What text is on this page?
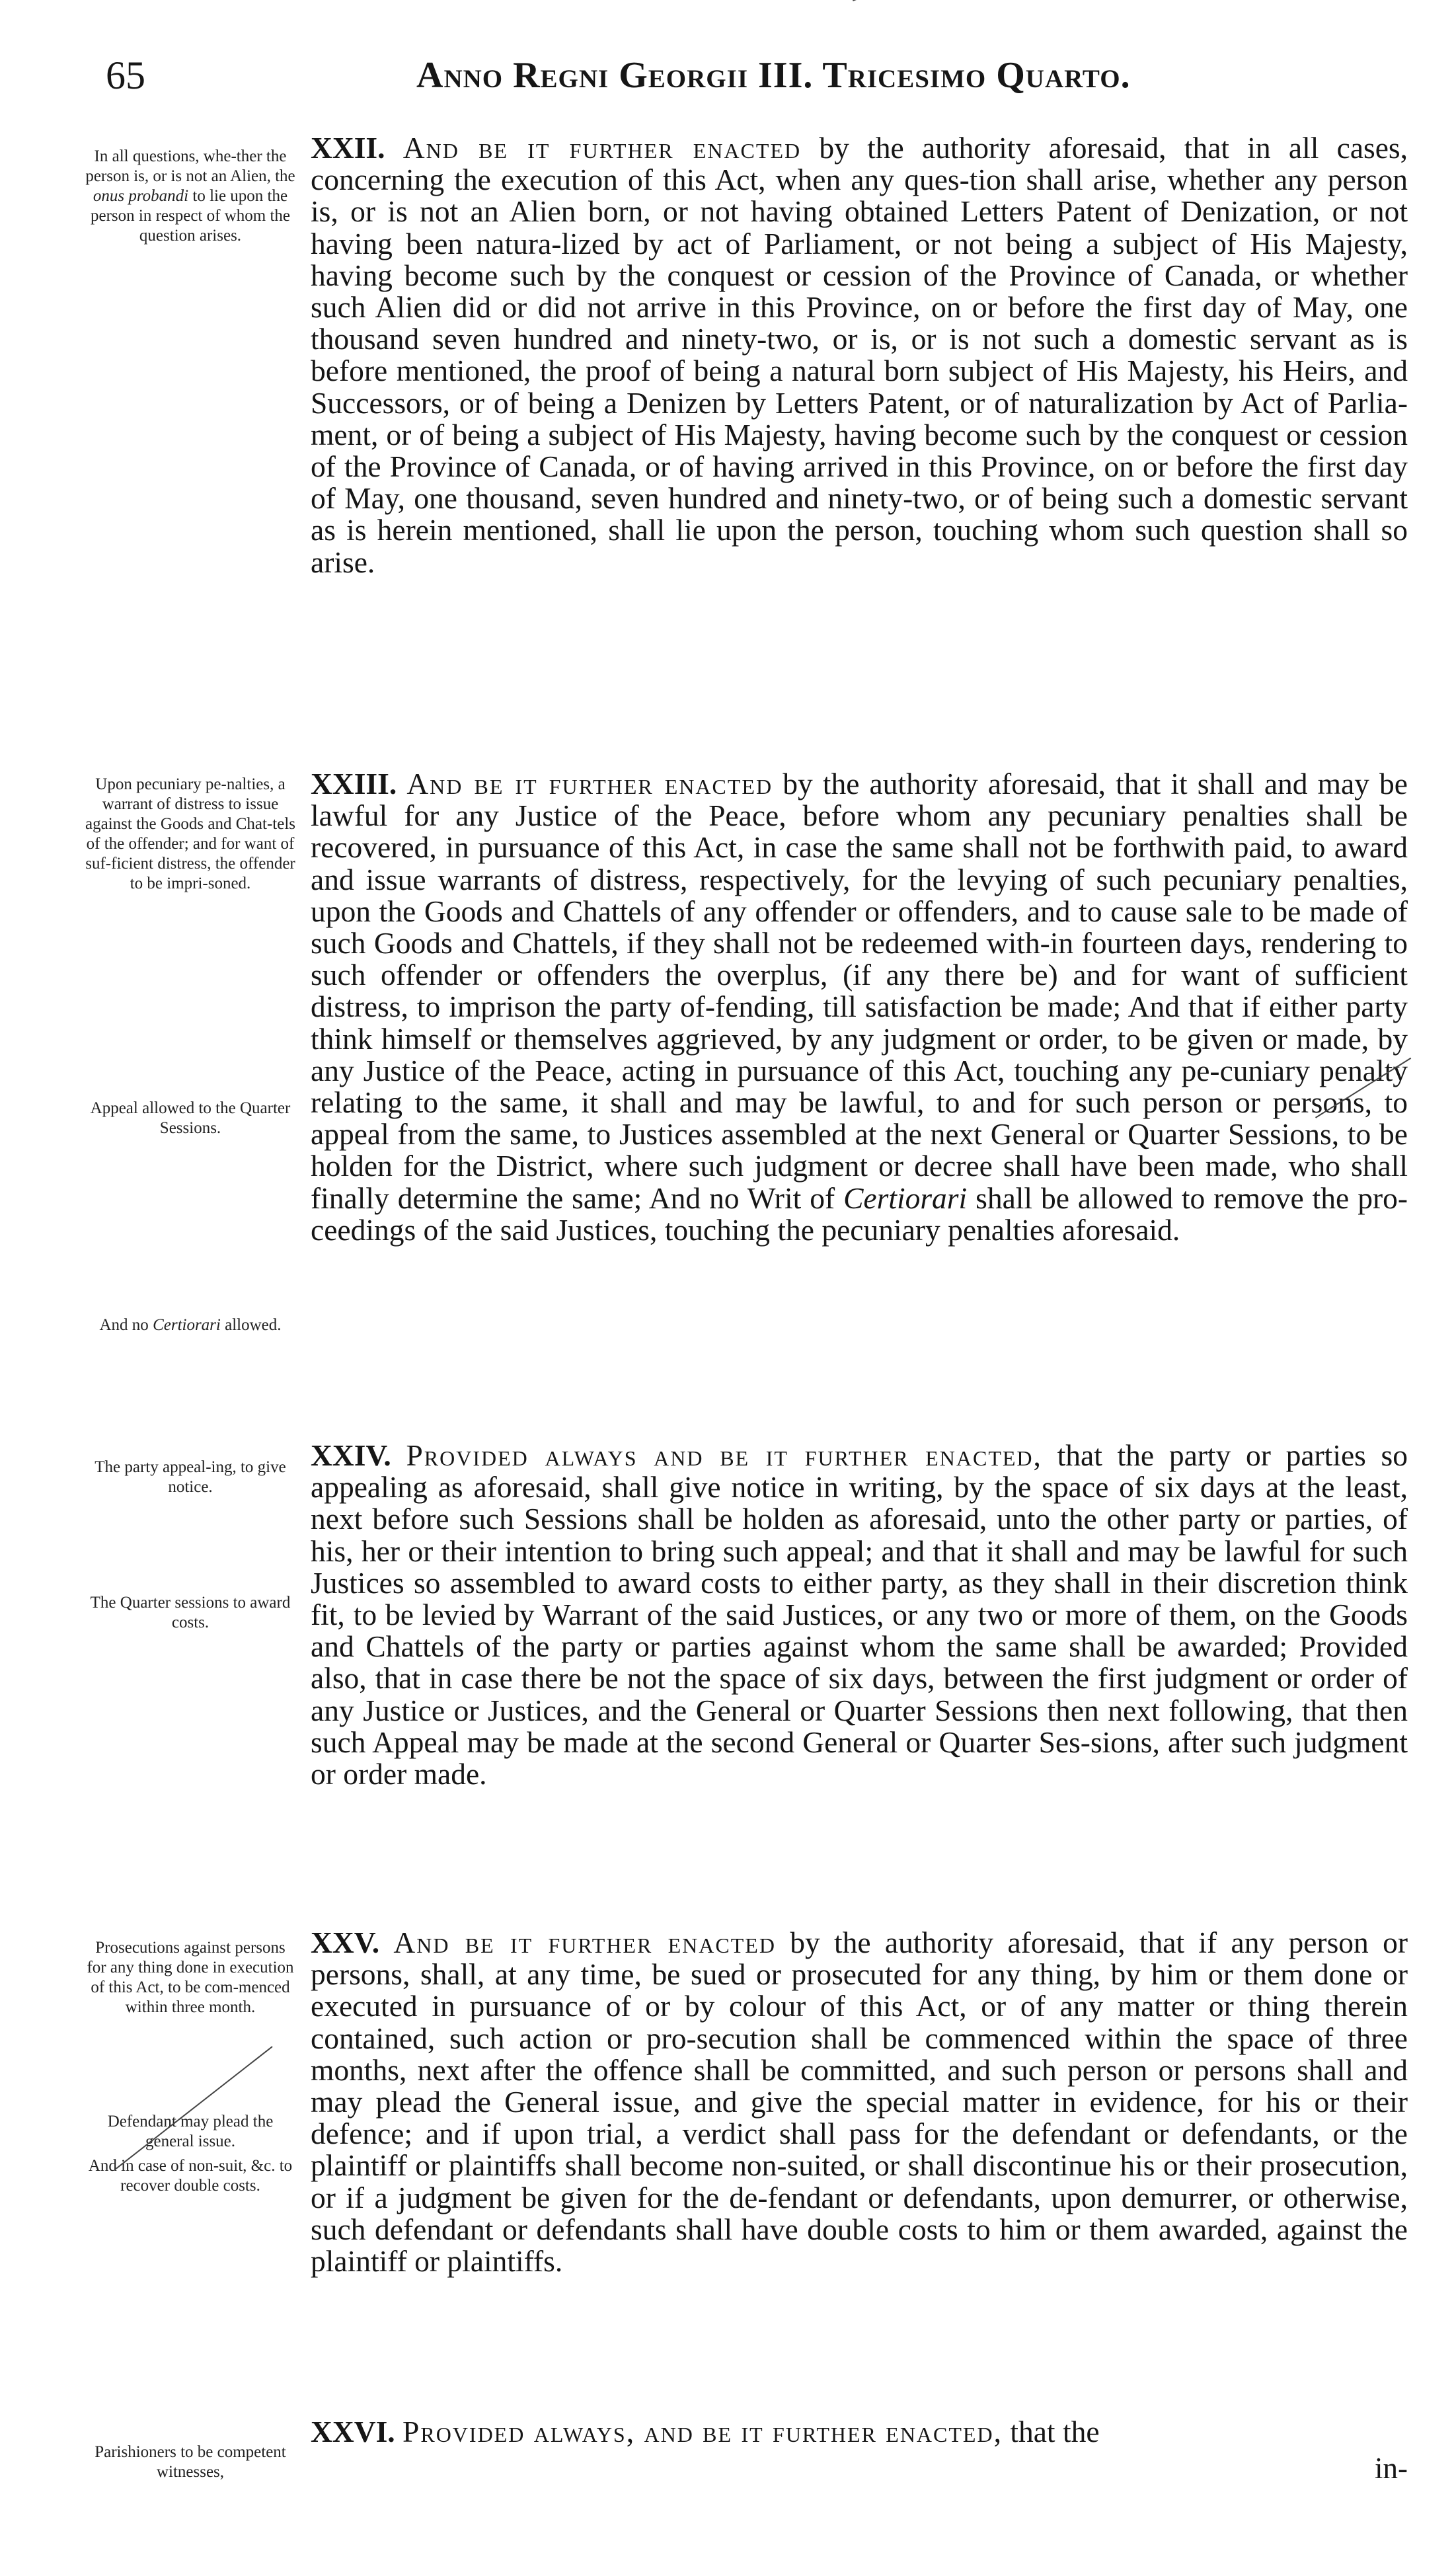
65	Anno Regni Georgii III. Tricesimo Quarto.
In all questions, whe-ther the person is, or is not an Alien, the onus probandi to lie upon the person in respect of whom the question arises.
Upon pecuniary pe-nalties, a warrant of distress to issue against the Goods and Chat-tels of the offender; and for want of suf-ficient distress, the offender to be impri-soned.
Appeal allowed to the Quarter Sessions.
And no Certiorari allowed.
The party appeal-ing, to give notice.
The Quarter sessions to award costs.
Prosecutions against persons for any thing done in execution of this Act, to be com-menced within three month.
Defendant may plead the general issue.
And in case of non-suit, &c. to recover double costs.
Parishioners to be competent witnesses,

XXII. And be it further enacted by the authority aforesaid, that in all cases, concerning the execution of this Act, when any ques-tion shall arise, whether any person is, or is not an Alien born, or not having obtained Letters Patent of Denization, or not having been natura-lized by act of Parliament, or not being a subject of His Majesty, having become such by the conquest or cession of the Province of Canada, or whether such Alien did or did not arrive in this Province, on or before the first day of May, one thousand seven hundred and ninety-two, or is, or is not such a domestic servant as is before mentioned, the proof of being a natural born subject of His Majesty, his Heirs, and Successors, or of being a Denizen by Letters Patent, or of naturalization by Act of Parlia-ment, or of being a subject of His Majesty, having become such by the conquest or cession of the Province of Canada, or of having arrived in this Province, on or before the first day of May, one thousand, seven hundred and ninety-two, or of being such a domestic servant as is herein mentioned, shall lie upon the person, touching whom such question shall so arise.

XXIII. And be it further enacted by the authority aforesaid, that it shall and may be lawful for any Justice of the Peace, before whom any pecuniary penalties shall be recovered, in pursuance of this Act, in case the same shall not be forthwith paid, to award and issue warrants of distress, respectively, for the levying of such pecuniary penalties, upon the Goods and Chattels of any offender or offenders, and to cause sale to be made of such Goods and Chattels, if they shall not be redeemed with-in fourteen days, rendering to such offender or offenders the overplus, (if any there be) and for want of sufficient distress, to imprison the party of-fending, till satisfaction be made; And that if either party think himself or themselves aggrieved, by any judgment or order, to be given or made, by any Justice of the Peace, acting in pursuance of this Act, touching any pe-cuniary penalty relating to the same, it shall and may be lawful, to and for such person or persons, to appeal from the same, to Justices assembled at the next General or Quarter Sessions, to be holden for the District, where such judgment or decree shall have been made, who shall finally determine the same; And no Writ of Certiorari shall be allowed to remove the pro-ceedings of the said Justices, touching the pecuniary penalties aforesaid.

XXIV. Provided always and be it further enacted, that the party or parties so appealing as aforesaid, shall give notice in writing, by the space of six days at the least, next before such Sessions shall be holden as aforesaid, unto the other party or parties, of his, her or their intention to bring such appeal; and that it shall and may be lawful for such Justices so assembled to award costs to either party, as they shall in their discretion think fit, to be levied by Warrant of the said Justices, or any two or more of them, on the Goods and Chattels of the party or parties against whom the same shall be awarded; Provided also, that in case there be not the space of six days, between the first judgment or order of any Justice or Justices, and the General or Quarter Sessions then next following, that then such Appeal may be made at the second General or Quarter Ses-sions, after such judgment or order made.

XXV. And be it further enacted by the authority aforesaid, that if any person or persons, shall, at any time, be sued or prosecuted for any thing, by him or them done or executed in pursuance of or by colour of this Act, or of any matter or thing therein contained, such action or pro-secution shall be commenced within the space of three months, next after the offence shall be committed, and such person or persons shall and may plead the General issue, and give the special matter in evidence, for his or their defence; and if upon trial, a verdict shall pass for the defendant or defendants, or the plaintiff or plaintiffs shall become non-suited, or shall discontinue his or their prosecution, or if a judgment be given for the de-fendant or defendants, upon demurrer, or otherwise, such defendant or defendants shall have double costs to him or them awarded, against the plaintiff or plaintiffs.

XXVI. Provided always, and be it further enacted, that the

in-
